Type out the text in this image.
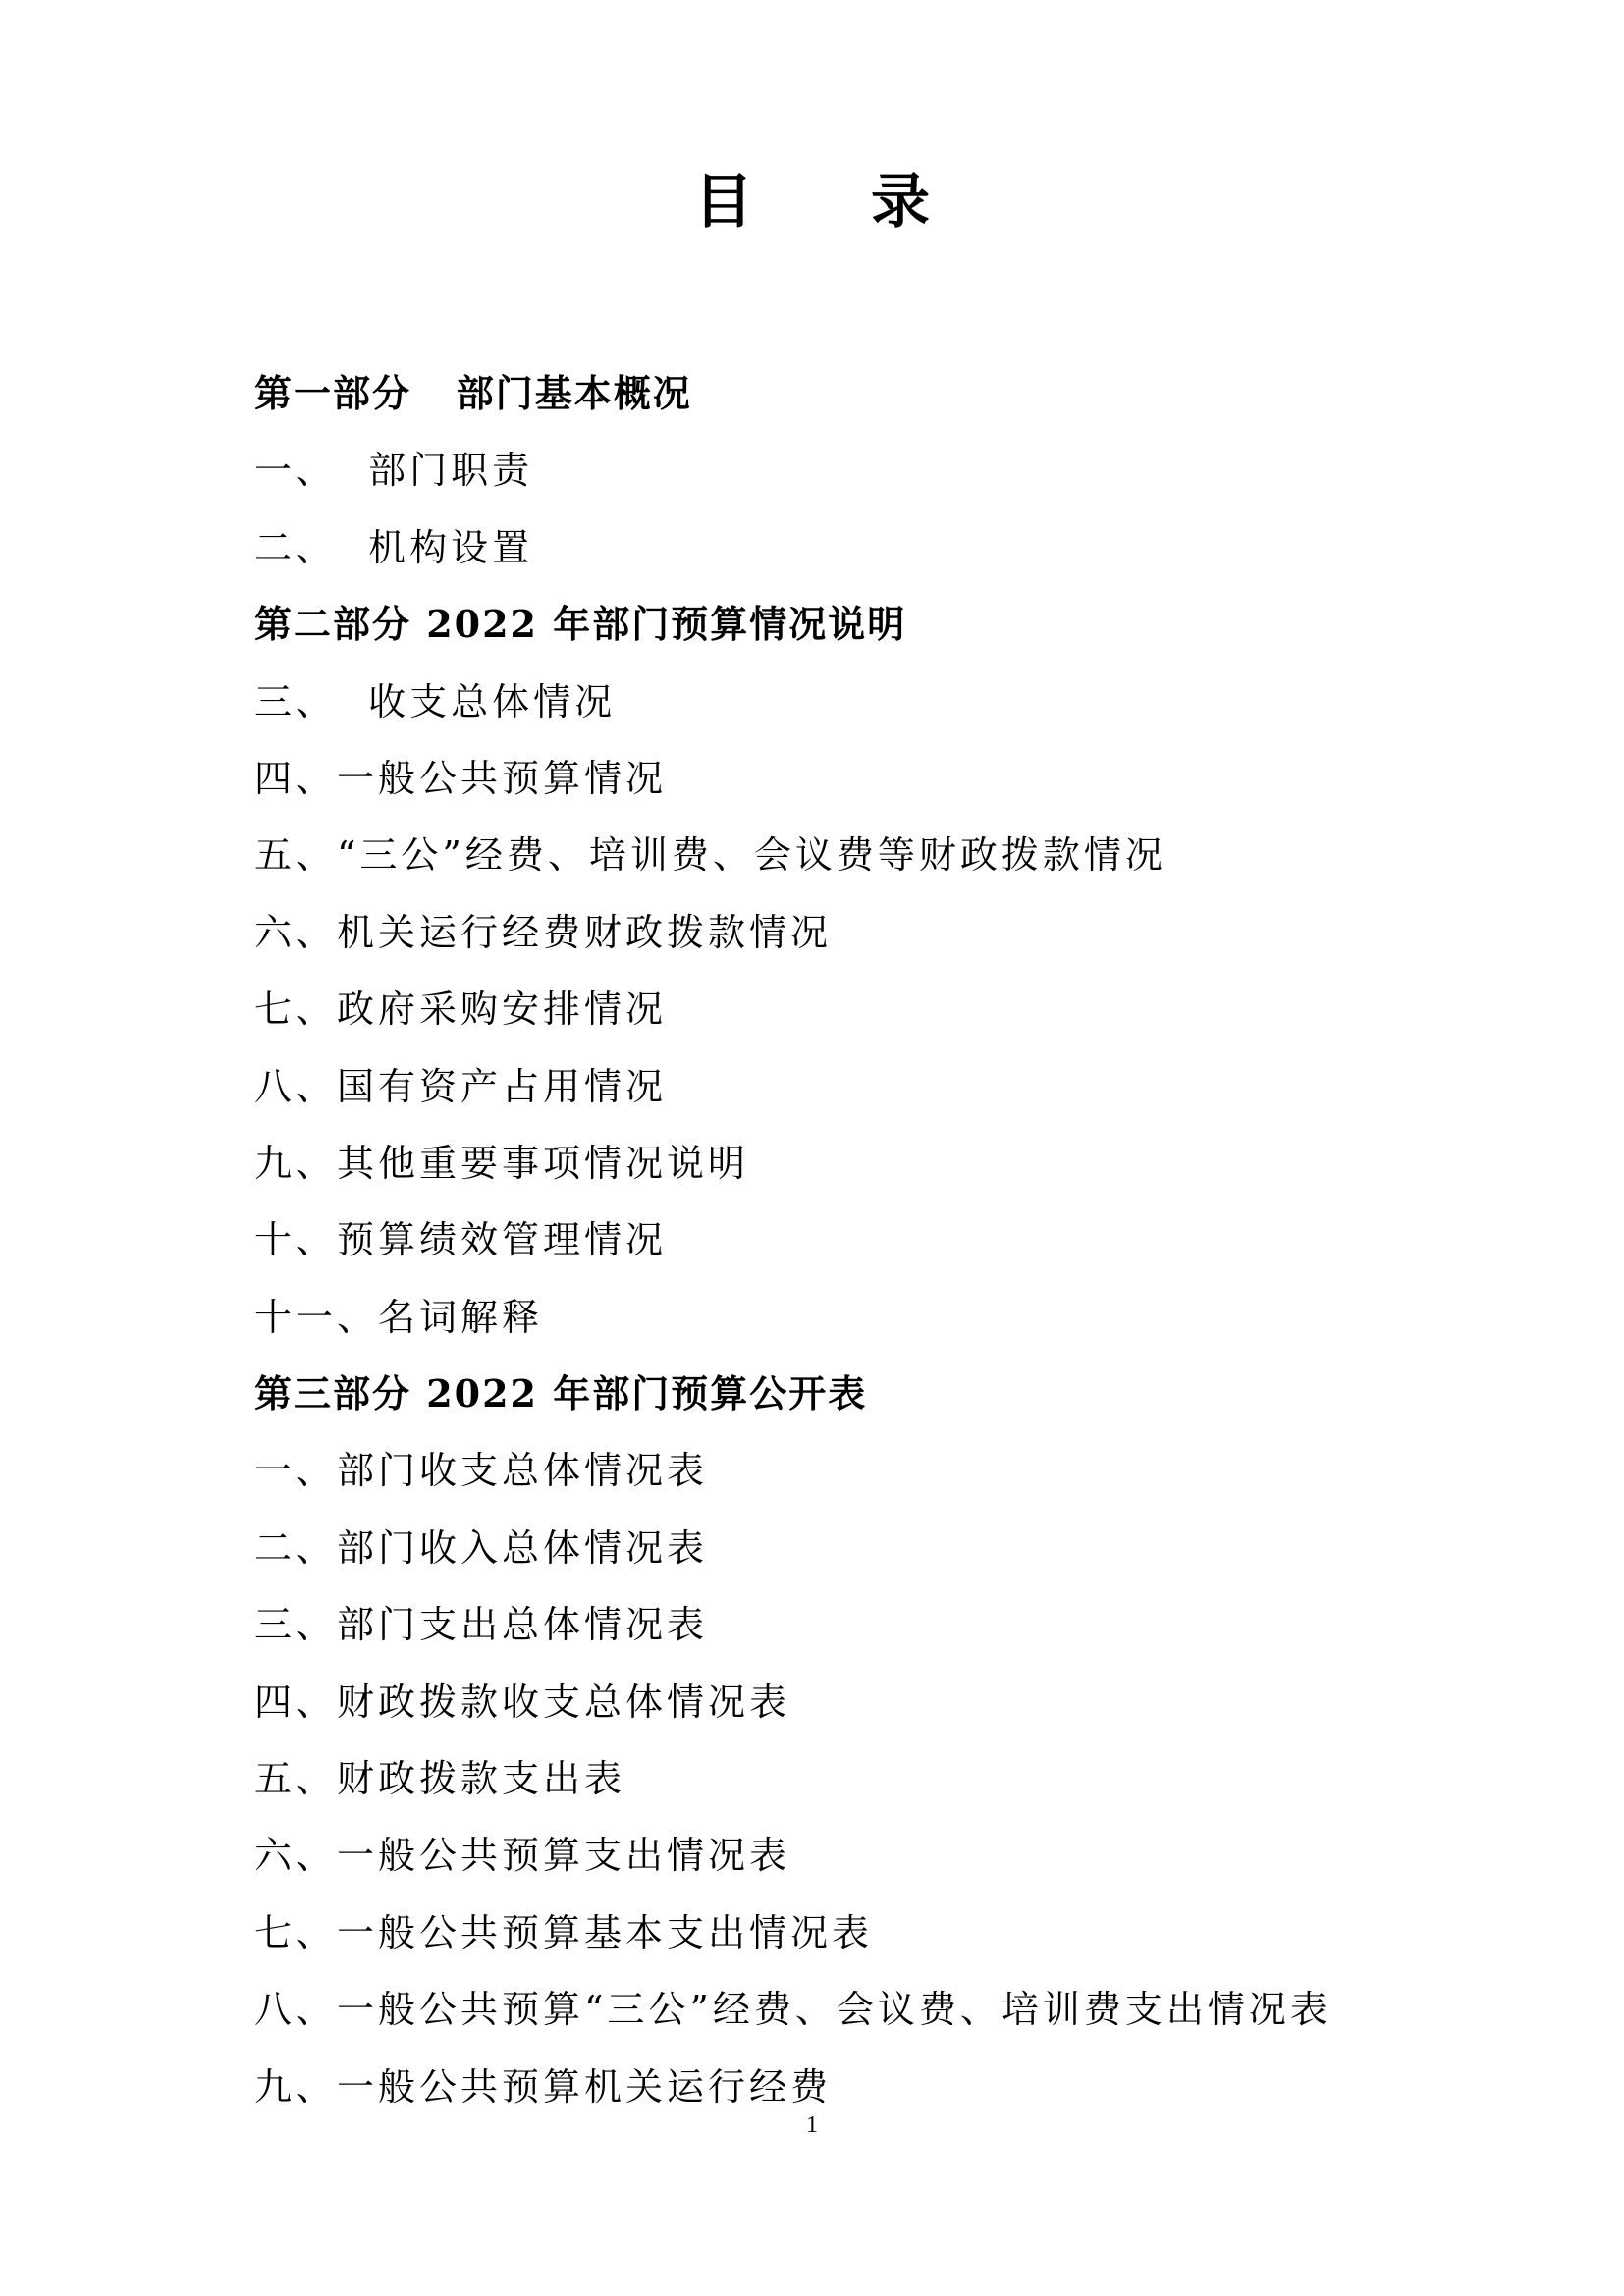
目录
第一部分   部门基本概况
一、  部门职责
二、  机构设置
第二部分 2022 年部门预算情况说明
三、  收支总体情况
四、一般公共预算情况
五、“三公”经费、培训费、会议费等财政拨款情况
六、机关运行经费财政拨款情况
七、政府采购安排情况
八、国有资产占用情况
九、其他重要事项情况说明
十、预算绩效管理情况
十一、名词解释
第三部分 2022 年部门预算公开表
一、部门收支总体情况表
二、部门收入总体情况表
三、部门支出总体情况表
四、财政拨款收支总体情况表
五、财政拨款支出表
六、一般公共预算支出情况表
七、一般公共预算基本支出情况表
八、一般公共预算“三公”经费、会议费、培训费支出情况表
九、一般公共预算机关运行经费
1
